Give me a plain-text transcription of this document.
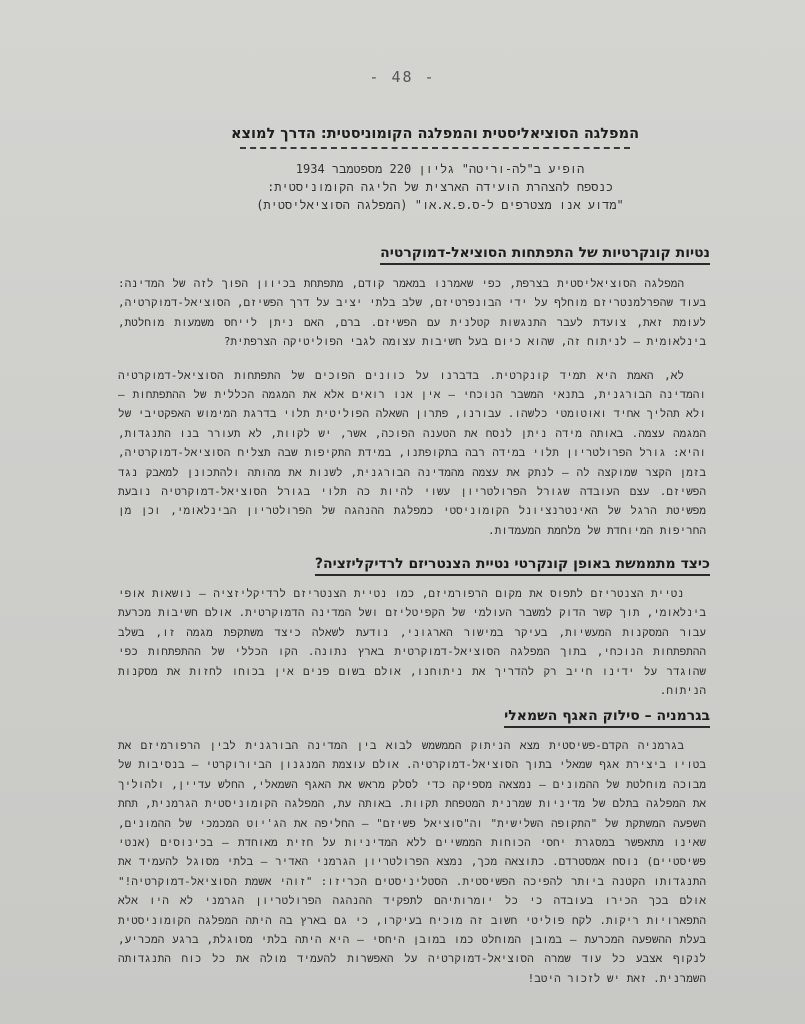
- 48 -
המפלגה הסוציאליסטית והמפלגה הקומוניסטית: הדרך למוצא
הופיע ב"לה-וריטה" גליון 220 מספטמבר 1934
כנספח להצהרת הועידה הארצית של הליגה הקומוניסטית:
"מדוע אנו מצטרפים ל-ס.פ.א.או" (המפלגה הסוציאליסטית)
נטיות קונקרטיות של התפתחות הסוציאל-דמוקרטיה

המפלגה הסוציאליסטית בצרפת, כפי שאמרנו במאמר קודם, מתפתחת בכיוון הפוך לזה של המדינה: בעוד שהפרלמנטריזם מוחלף על ידי הבונפרטיזם, שלב בלתי יציב על דרך הפשיזם, הסוציאל-דמוקרטיה, לעומת זאת, צועדת לעבר התנגשות קטלנית עם הפשיזם. ברם, האם ניתן לייחס משמעות מוחלטת, בינלאומית – לניתוח זה, שהוא כיום בעל חשיבות עצומה לגבי הפוליטיקה הצרפתית?

לא, האמת היא תמיד קונקרטית. בדברנו על כוונים הפוכים של התפתחות הסוציאל-דמוקרטיה והמדינה הבורגנית, בתנאי המשבר הנוכחי – אין אנו רואים אלא את המגמה הכללית של ההתפתחות – ולא תהליך אחיד ואוטומטי כלשהו. עבורנו, פתרון השאלה הפוליטית תלוי בדרגת המימוש האפקטיבי של המגמה עצמה. באותה מידה ניתן לנסח את הטענה הפוכה, אשר, יש לקוות, לא תעורר בנו התנגדות, והיא: גורל הפרולטריון תלוי במידה רבה בתקופתנו, במידת התקיפות שבה תצליח הסוציאל-דמוקרטיה, בזמן הקצר שמוקצה לה – לנתק את עצמה מהמדינה הבורגנית, לשנות את מהותה ולהתכונן למאבק נגד הפשיזם. עצם העובדה שגורל הפרולטריון עשוי להיות כה תלוי בגורל הסוציאל-דמוקרטיה נובעת מפשיטת הרגל של האינטרנציונל הקומוניסטי כמפלגת ההנהגה של הפרולטריון הבינלאומי, וכן מן החריפות המיוחדת של מלחמת המעמדות.

כיצד מתממשת באופן קונקרטי נטיית הצנטריזם לרדיקליזציה?

נטיית הצנטריזם לתפוס את מקום הרפורמיזם, כמו נטיית הצנטריזם לרדיקליזציה – נושאות אופי בינלאומי, תוך קשר הדוק למשבר העולמי של הקפיטליזם ושל המדינה הדמוקרטית. אולם חשיבות מכרעת עבור המסקנות המעשיות, בעיקר במישור הארגוני, נודעת לשאלה כיצד משתקפת מגמה זו, בשלב ההתפתחות הנוכחי, בתוך המפלגה הסוציאל-דמוקרטית בארץ נתונה. הקו הכללי של ההתפתחות כפי שהוגדר על ידינו חייב רק להדריך את ניתוחנו, אולם בשום פנים אין בכוחו לחזות את מסקנות הניתוח.

בגרמניה – סילוק האגף השמאלי

בגרמניה הקדם-פשיסטית מצא הניתוק הממשמש לבוא בין המדינה הבורגנית לבין הרפורמיזם את בטויו ביצירת אגף שמאלי בתוך הסוציאל-דמוקרטיה. אולם עוצמת המנגנון הביורוקרטי – בנסיבות של מבוכה מוחלטת של ההמונים – נמצאה מספיקה כדי לסלק מראש את האגף השמאלי, החלש עדיין, ולהוליך את המפלגה בתלם של מדיניות שמרנית המטפחת תקוות. באותה עת, המפלגה הקומוניסטית הגרמנית, תחת השפעה המשתקת של "התקופה השלישית" וה"סוציאל פשיזם" – החליפה את הג'יוט המכמכי של ההמונים, שאינו מתאפשר במסגרת יחסי הכוחות הממשיים ללא המדיניות על חזית מאוחדת – בכינוסים (אנטי פשיסטיים) נוסח אמסטרדם. כתוצאה מכך, נמצא הפרולטריון הגרמני האדיר – בלתי מסוגל להעמיד את התנגדותו הקטנה ביותר להפיכה הפשיסטית. הסטליניסטים הכריזו: "זוהי אשמת הסוציאל-דמוקרטיה!" אולם בכך הכירו בעובדה כי כל יומרותיהם לתפקיד ההנהגה הפרולטריון הגרמני לא היו אלא התפארויות ריקות. לקח פוליטי חשוב זה מוכיח בעיקרו, כי גם בארץ בה היתה המפלגה הקומוניסטית בעלת ההשפעה המכרעת – במובן המוחלט כמו במובן היחסי – היא היתה בלתי מסוגלת, ברגע המכריע, לנקוף אצבע כל עוד שמרה הסוציאל-דמוקרטיה על האפשרות להעמיד מולה את כל כוח התנגדותה השמרנית. זאת יש לזכור היטב!
